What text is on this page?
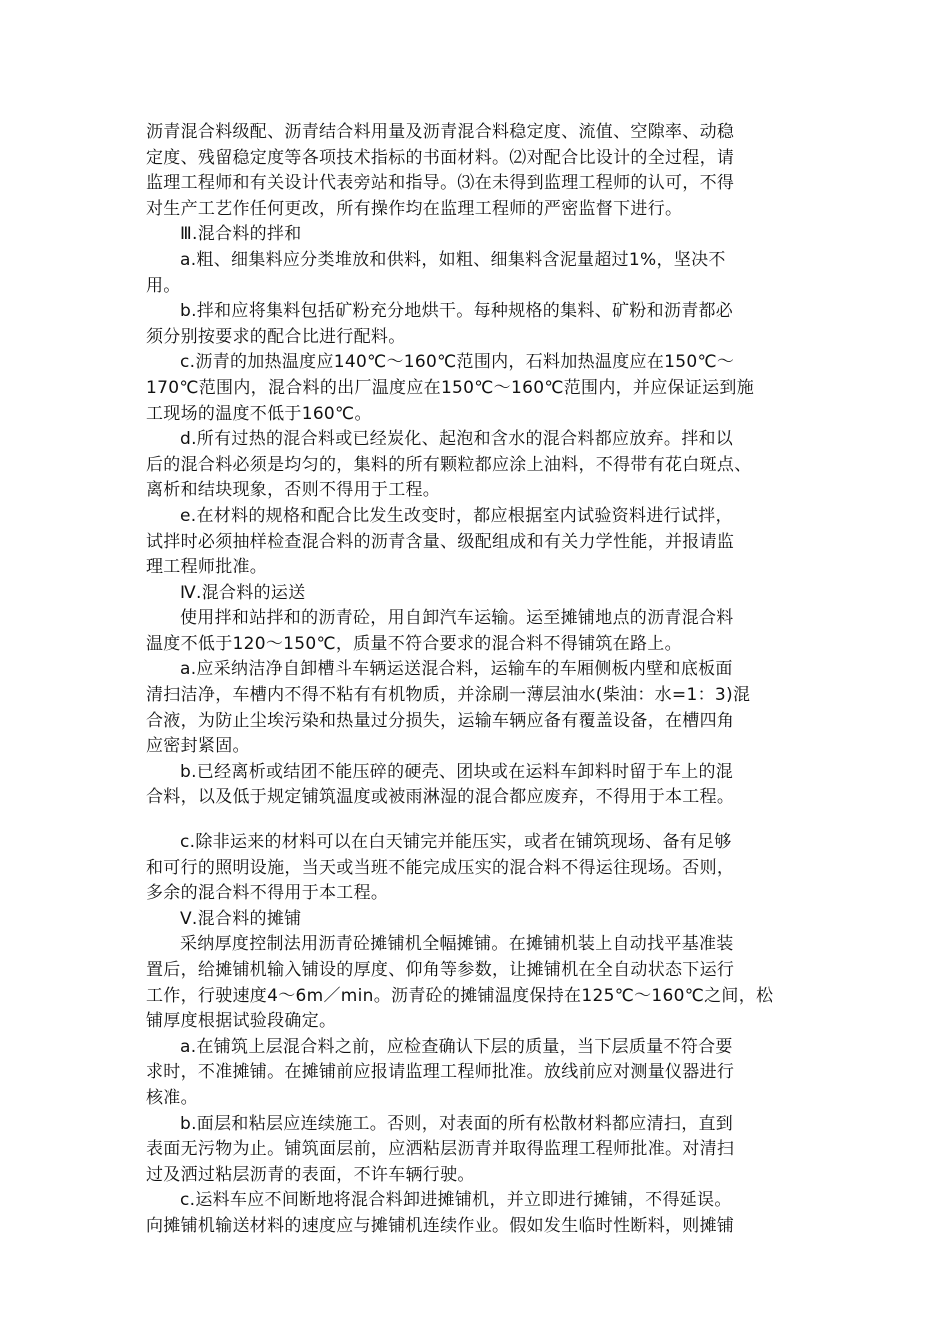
沥青混合料级配、沥青结合料用量及沥青混合料稳定度、流值、空隙率、动稳
定度、残留稳定度等各项技术指标的书面材料。⑵对配合比设计的全过程，请
监理工程师和有关设计代表旁站和指导。⑶在未得到监理工程师的认可，不得
对生产工艺作任何更改，所有操作均在监理工程师的严密监督下进行。
Ⅲ.混合料的拌和
a.粗、细集料应分类堆放和供料，如粗、细集料含泥量超过1%，坚决不
用。
b.拌和应将集料包括矿粉充分地烘干。每种规格的集料、矿粉和沥青都必
须分别按要求的配合比进行配料。
c.沥青的加热温度应140℃～160℃范围内，石料加热温度应在150℃～
170℃范围内，混合料的出厂温度应在150℃～160℃范围内，并应保证运到施
工现场的温度不低于160℃。
d.所有过热的混合料或已经炭化、起泡和含水的混合料都应放弃。拌和以
后的混合料必须是均匀的，集料的所有颗粒都应涂上油料，不得带有花白斑点、
离析和结块现象，否则不得用于工程。
e.在材料的规格和配合比发生改变时，都应根据室内试验资料进行试拌，
试拌时必须抽样检查混合料的沥青含量、级配组成和有关力学性能，并报请监
理工程师批准。
Ⅳ.混合料的运送
使用拌和站拌和的沥青砼，用自卸汽车运输。运至摊铺地点的沥青混合料
温度不低于120～150℃，质量不符合要求的混合料不得铺筑在路上。
a.应采纳洁净自卸槽斗车辆运送混合料，运输车的车厢侧板内壁和底板面
清扫洁净，车槽内不得不粘有有机物质，并涂刷一薄层油水(柴油：水=1：3)混
合液，为防止尘埃污染和热量过分损失，运输车辆应备有覆盖设备，在槽四角
应密封紧固。
b.已经离析或结团不能压碎的硬壳、团块或在运料车卸料时留于车上的混
合料，以及低于规定铺筑温度或被雨淋湿的混合都应废弃，不得用于本工程。
c.除非运来的材料可以在白天铺完并能压实，或者在铺筑现场、备有足够
和可行的照明设施，当天或当班不能完成压实的混合料不得运往现场。否则，
多余的混合料不得用于本工程。
Ⅴ.混合料的摊铺
采纳厚度控制法用沥青砼摊铺机全幅摊铺。在摊铺机装上自动找平基准装
置后，给摊铺机输入铺设的厚度、仰角等参数，让摊铺机在全自动状态下运行
工作，行驶速度4～6m／min。沥青砼的摊铺温度保持在125℃～160℃之间，松
铺厚度根据试验段确定。
a.在铺筑上层混合料之前，应检查确认下层的质量，当下层质量不符合要
求时，不准摊铺。在摊铺前应报请监理工程师批准。放线前应对测量仪器进行
核准。
b.面层和粘层应连续施工。否则，对表面的所有松散材料都应清扫，直到
表面无污物为止。铺筑面层前，应洒粘层沥青并取得监理工程师批准。对清扫
过及洒过粘层沥青的表面，不许车辆行驶。
c.运料车应不间断地将混合料卸进摊铺机，并立即进行摊铺，不得延误。
向摊铺机输送材料的速度应与摊铺机连续作业。假如发生临时性断料，则摊铺
